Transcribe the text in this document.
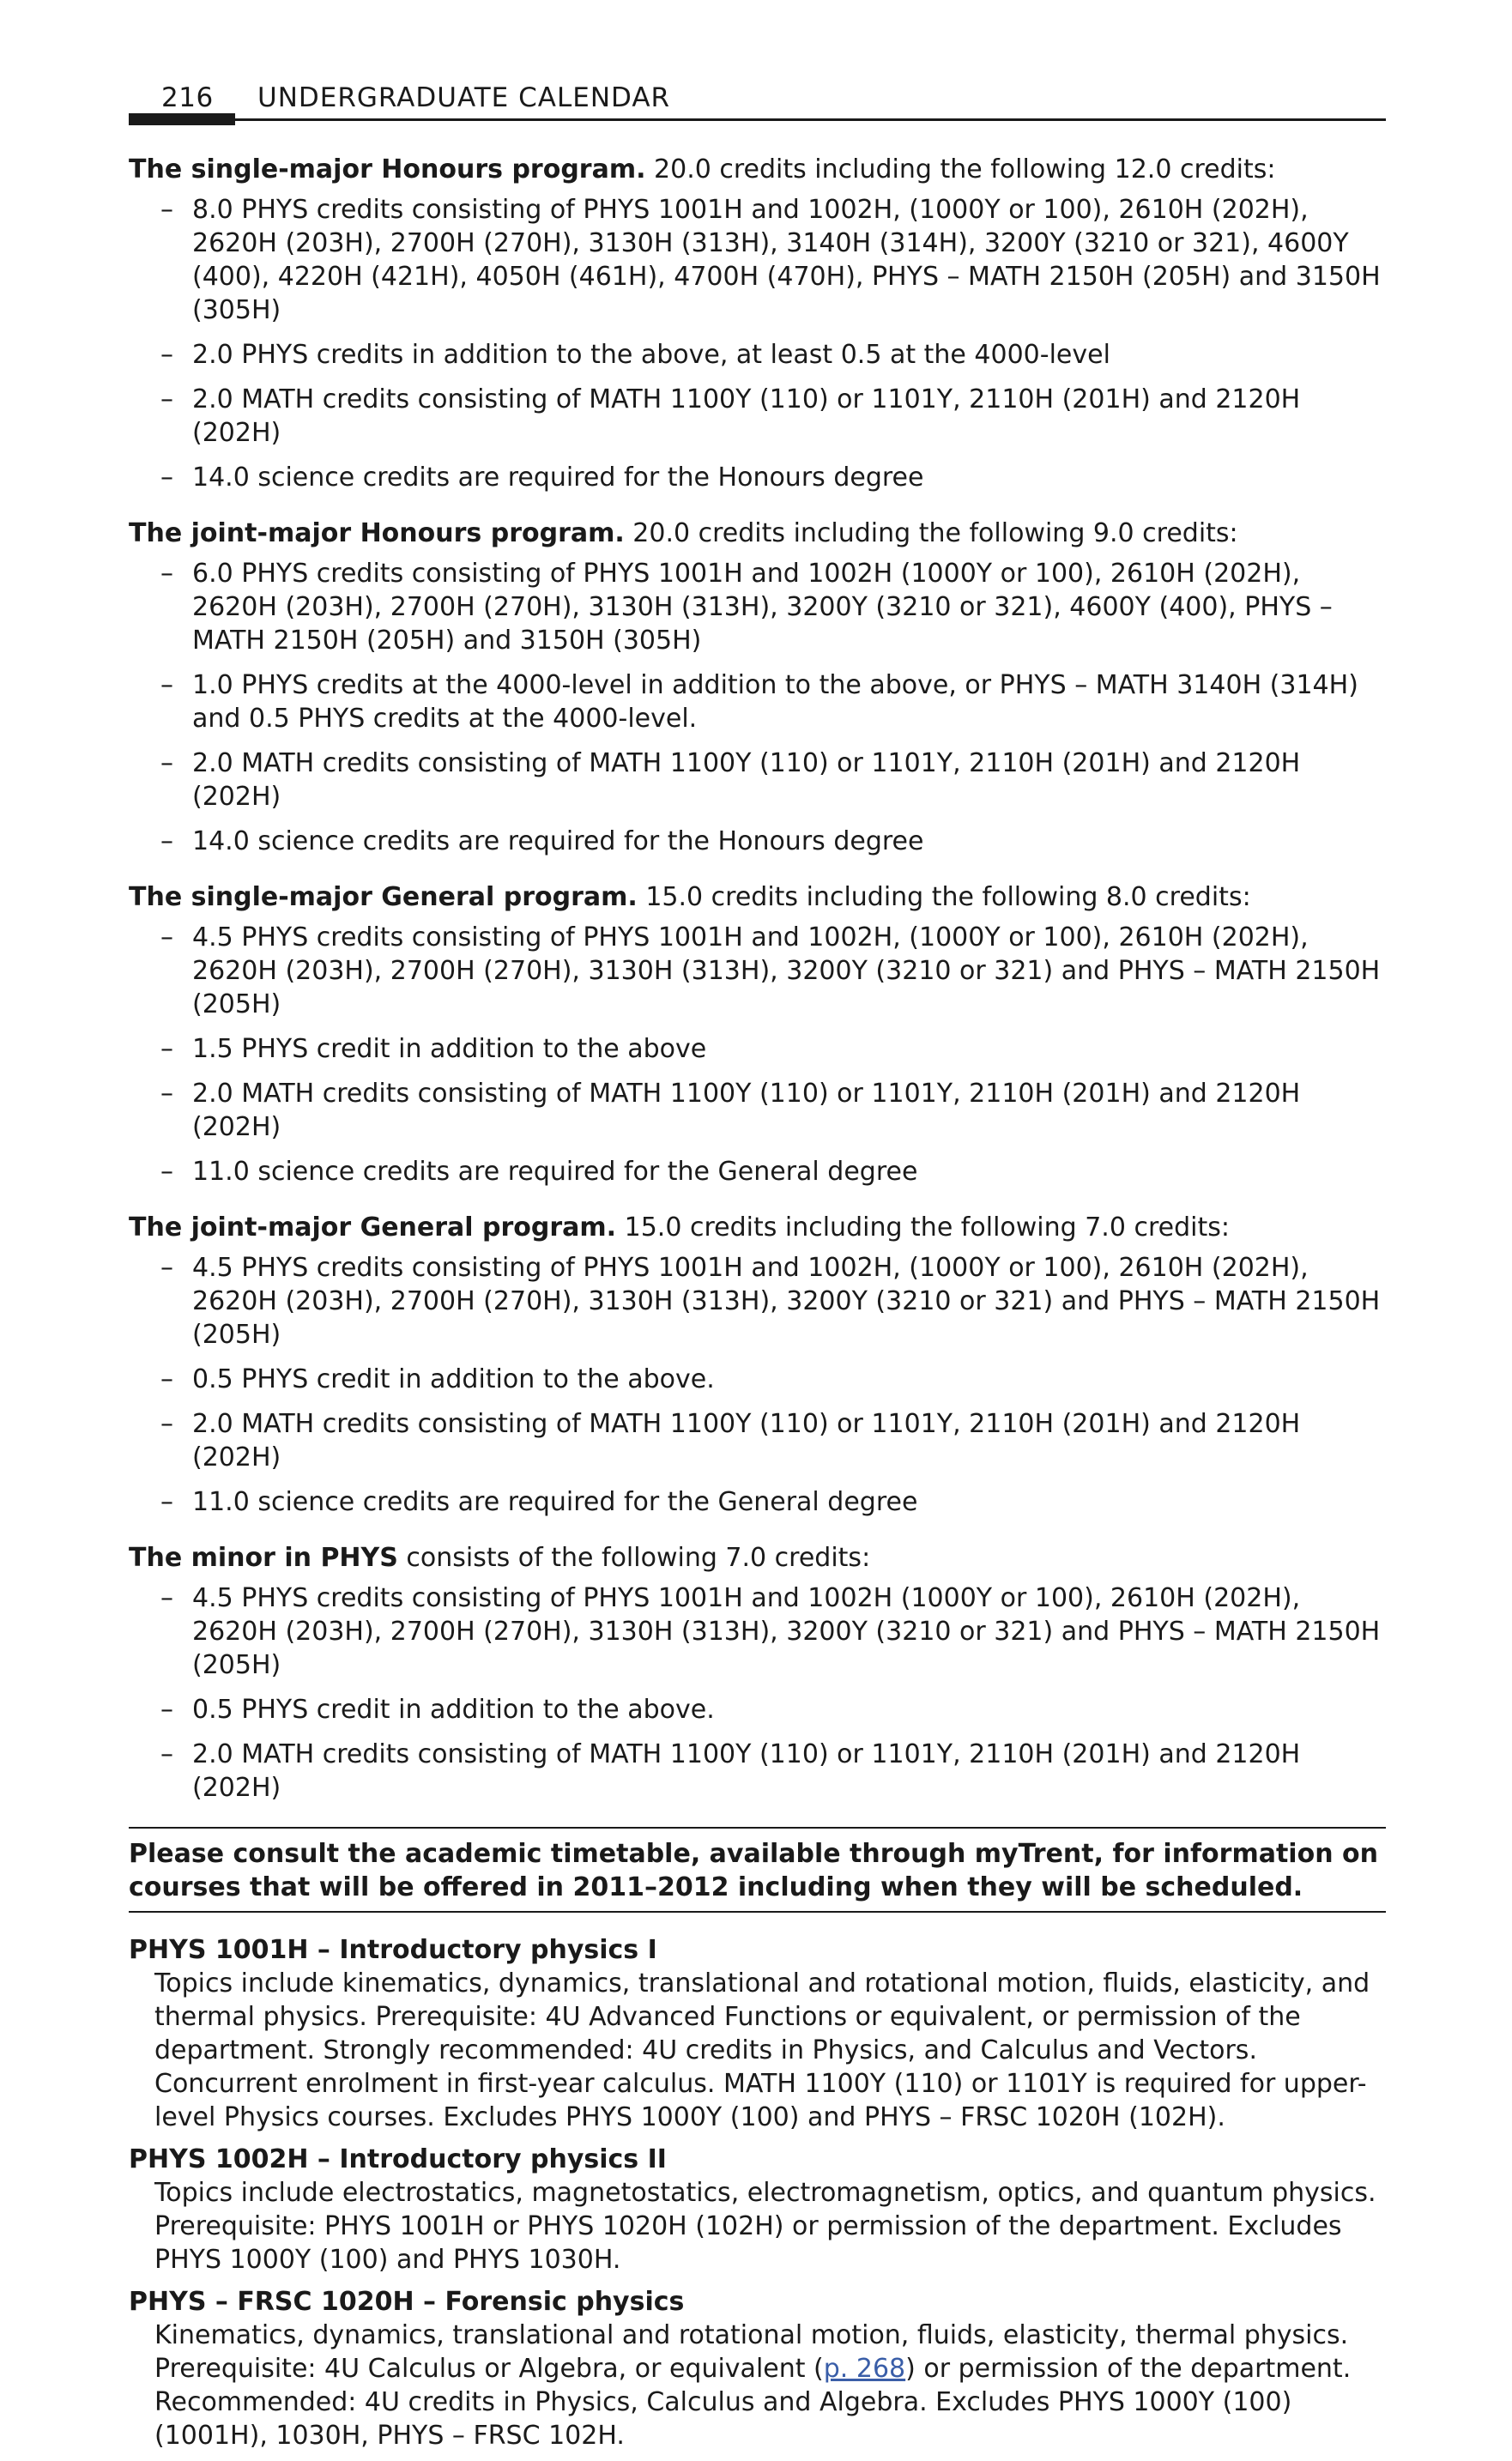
216 UNDERGRADUATE CALENDAR

The single-major Honours program. 20.0 credits including the following 12.0 credits:

– 8.0 PHYS credits consisting of PHYS 1001H and 1002H, (1000Y or 100), 2610H (202H), 2620H (203H), 2700H (270H), 3130H (313H), 3140H (314H), 3200Y (3210 or 321), 4600Y (400), 4220H (421H), 4050H (461H), 4700H (470H), PHYS – MATH 2150H (205H) and 3150H (305H)
– 2.0 PHYS credits in addition to the above, at least 0.5 at the 4000-level
– 2.0 MATH credits consisting of MATH 1100Y (110) or 1101Y, 2110H (201H) and 2120H (202H)
– 14.0 science credits are required for the Honours degree

The joint-major Honours program. 20.0 credits including the following 9.0 credits:

– 6.0 PHYS credits consisting of PHYS 1001H and 1002H (1000Y or 100), 2610H (202H), 2620H (203H), 2700H (270H), 3130H (313H), 3200Y (3210 or 321), 4600Y (400), PHYS – MATH 2150H (205H) and 3150H (305H)
– 1.0 PHYS credits at the 4000-level in addition to the above, or PHYS – MATH 3140H (314H) and 0.5 PHYS credits at the 4000-level.
– 2.0 MATH credits consisting of MATH 1100Y (110) or 1101Y, 2110H (201H) and 2120H (202H)
– 14.0 science credits are required for the Honours degree

The single-major General program. 15.0 credits including the following 8.0 credits:

– 4.5 PHYS credits consisting of PHYS 1001H and 1002H, (1000Y or 100), 2610H (202H), 2620H (203H), 2700H (270H), 3130H (313H), 3200Y (3210 or 321) and PHYS – MATH 2150H (205H)
– 1.5 PHYS credit in addition to the above
– 2.0 MATH credits consisting of MATH 1100Y (110) or 1101Y, 2110H (201H) and 2120H (202H)
– 11.0 science credits are required for the General degree

The joint-major General program. 15.0 credits including the following 7.0 credits:

– 4.5 PHYS credits consisting of PHYS 1001H and 1002H, (1000Y or 100), 2610H (202H), 2620H (203H), 2700H (270H), 3130H (313H), 3200Y (3210 or 321) and PHYS – MATH 2150H (205H)
– 0.5 PHYS credit in addition to the above.
– 2.0 MATH credits consisting of MATH 1100Y (110) or 1101Y, 2110H (201H) and 2120H (202H)
– 11.0 science credits are required for the General degree

The minor in PHYS consists of the following 7.0 credits:

– 4.5 PHYS credits consisting of PHYS 1001H and 1002H (1000Y or 100), 2610H (202H), 2620H (203H), 2700H (270H), 3130H (313H), 3200Y (3210 or 321) and PHYS – MATH 2150H (205H)
– 0.5 PHYS credit in addition to the above.
– 2.0 MATH credits consisting of MATH 1100Y (110) or 1101Y, 2110H (201H) and 2120H (202H)
Please consult the academic timetable, available through myTrent, for information on courses that will be offered in 2011–2012 including when they will be scheduled.
PHYS 1001H – Introductory physics I
Topics include kinematics, dynamics, translational and rotational motion, fluids, elasticity, and thermal physics. Prerequisite: 4U Advanced Functions or equivalent, or permission of the department. Strongly recommended: 4U credits in Physics, and Calculus and Vectors. Concurrent enrolment in first-year calculus. MATH 1100Y (110) or 1101Y is required for upper-level Physics courses. Excludes PHYS 1000Y (100) and PHYS – FRSC 1020H (102H).
PHYS 1002H – Introductory physics II
Topics include electrostatics, magnetostatics, electromagnetism, optics, and quantum physics. Prerequisite: PHYS 1001H or PHYS 1020H (102H) or permission of the department. Excludes PHYS 1000Y (100) and PHYS 1030H.
PHYS – FRSC 1020H – Forensic physics
Kinematics, dynamics, translational and rotational motion, fluids, elasticity, thermal physics. Prerequisite: 4U Calculus or Algebra, or equivalent (p. 268) or permission of the department. Recommended: 4U credits in Physics, Calculus and Algebra. Excludes PHYS 1000Y (100) (1001H), 1030H, PHYS – FRSC 102H.
